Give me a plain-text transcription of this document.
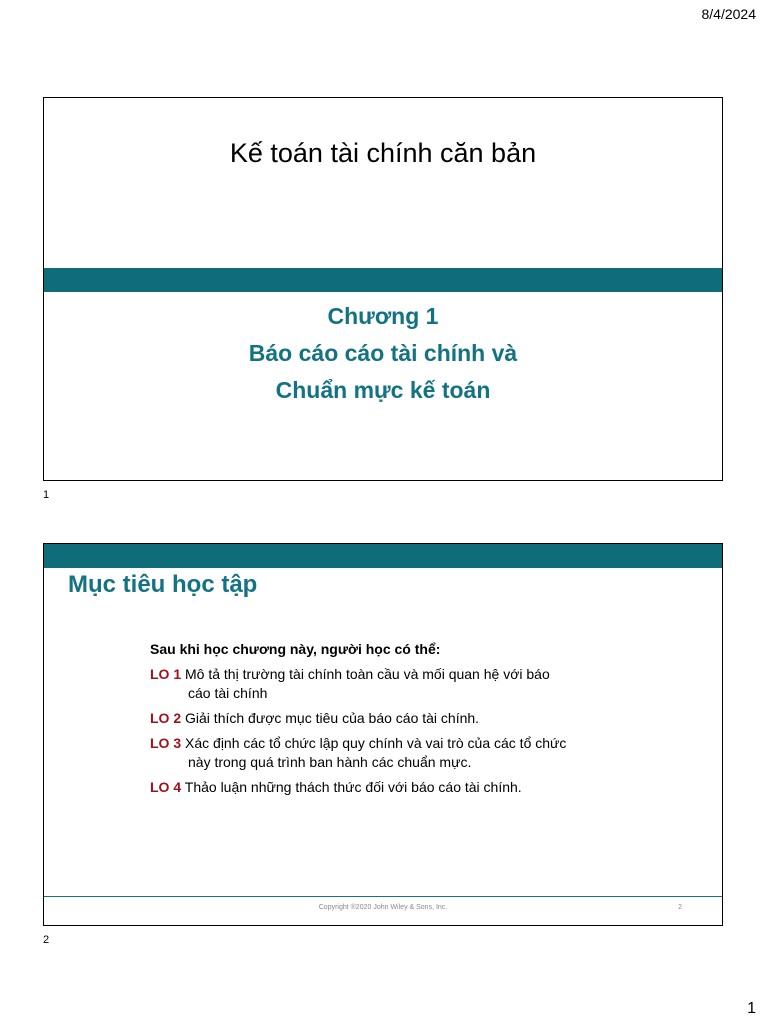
8/4/2024
Kế toán tài chính căn bản
Chương 1
Báo cáo cáo tài chính và
Chuẩn mực kế toán
1
Mục tiêu học tập
Sau khi học chương này, người học có thể:
LO 1 Mô tả thị trường tài chính toàn cầu và mối quan hệ với báo
cáo tài chính
LO 2 Giải thích được mục tiêu của báo cáo tài chính.
LO 3 Xác định các tổ chức lập quy chính và vai trò của các tổ chức
này trong quá trình ban hành các chuẩn mực.
LO 4 Thảo luận những thách thức đối với báo cáo tài chính.
Copyright ®2020 John Wiley & Sons, Inc.	2
2
1
